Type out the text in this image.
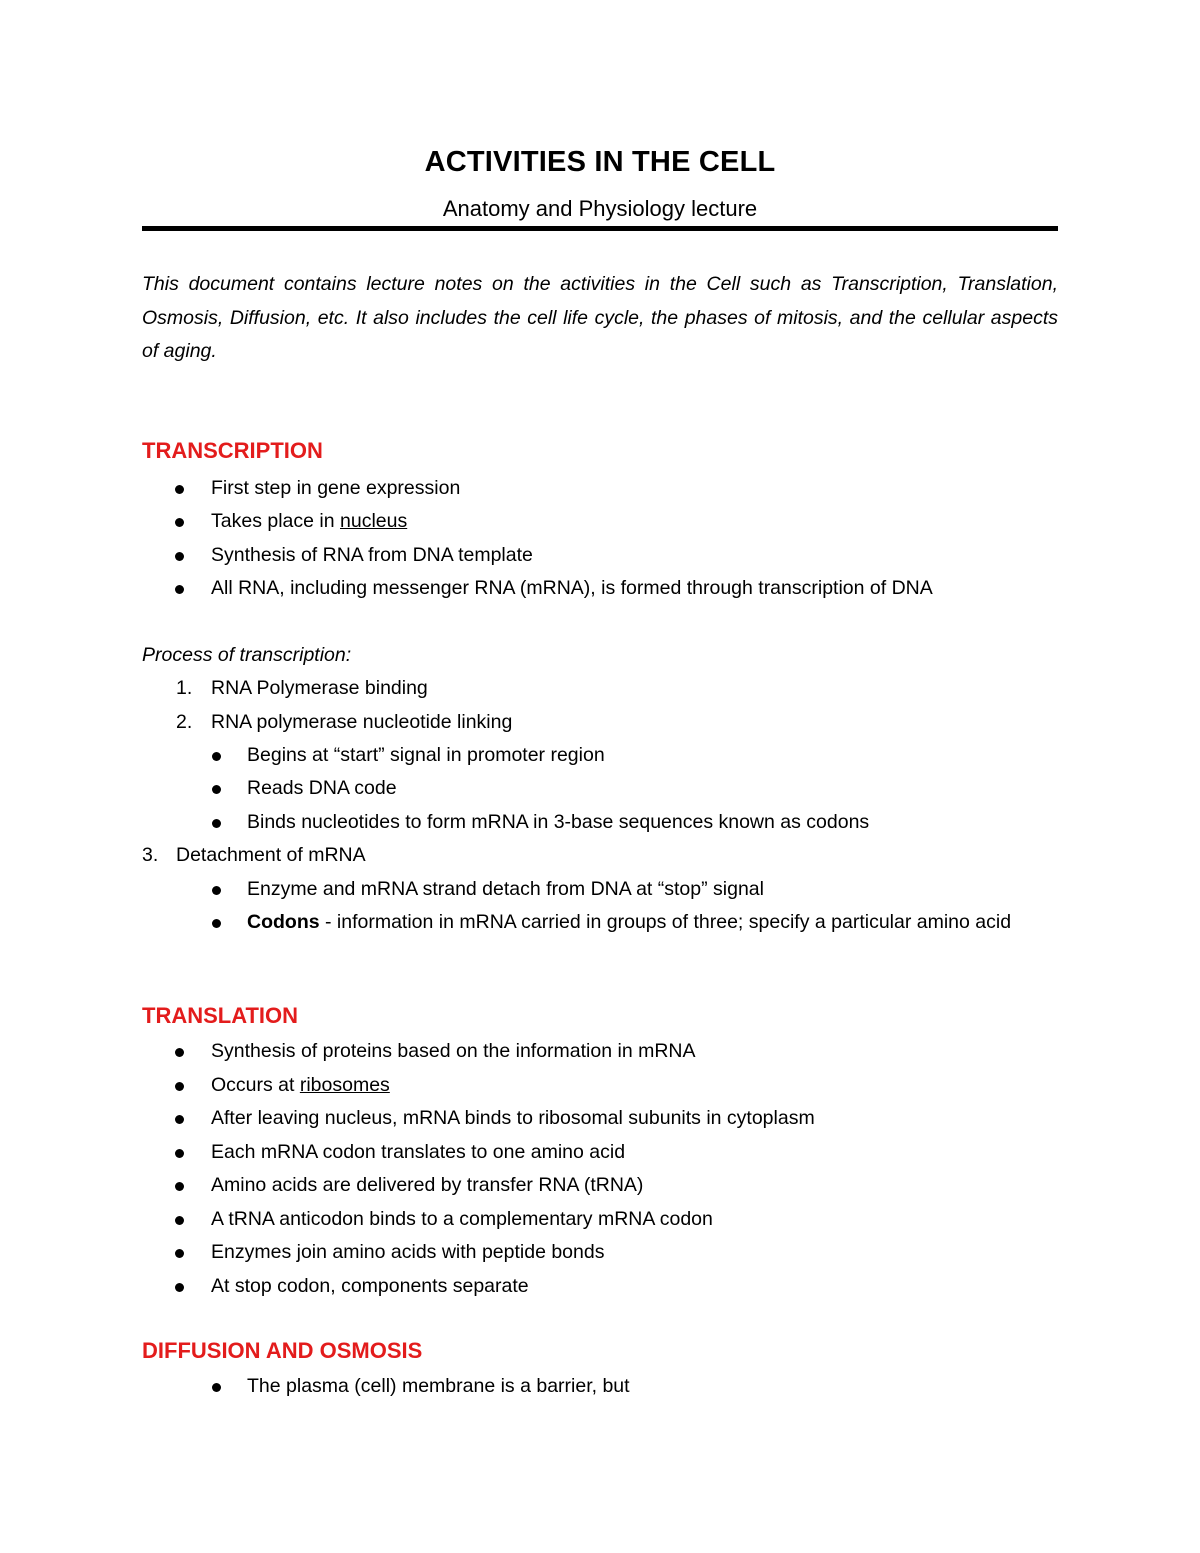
ACTIVITIES IN THE CELL
Anatomy and Physiology lecture
This document contains lecture notes on the activities in the Cell such as Transcription, Translation, Osmosis, Diffusion, etc. It also includes the cell life cycle, the phases of mitosis, and the cellular aspects of aging.
TRANSCRIPTION
First step in gene expression
Takes place in nucleus
Synthesis of RNA from DNA template
All RNA, including messenger RNA (mRNA), is formed through transcription of DNA
Process of transcription:
1. RNA Polymerase binding
2. RNA polymerase nucleotide linking
Begins at “start” signal in promoter region
Reads DNA code
Binds nucleotides to form mRNA in 3-base sequences known as codons
3. Detachment of mRNA
Enzyme and mRNA strand detach from DNA at “stop” signal
Codons - information in mRNA carried in groups of three; specify a particular amino acid
TRANSLATION
Synthesis of proteins based on the information in mRNA
Occurs at ribosomes
After leaving nucleus, mRNA binds to ribosomal subunits in cytoplasm
Each mRNA codon translates to one amino acid
Amino acids are delivered by transfer RNA (tRNA)
A tRNA anticodon binds to a complementary mRNA codon
Enzymes join amino acids with peptide bonds
At stop codon, components separate
DIFFUSION AND OSMOSIS
The plasma (cell) membrane is a barrier, but
